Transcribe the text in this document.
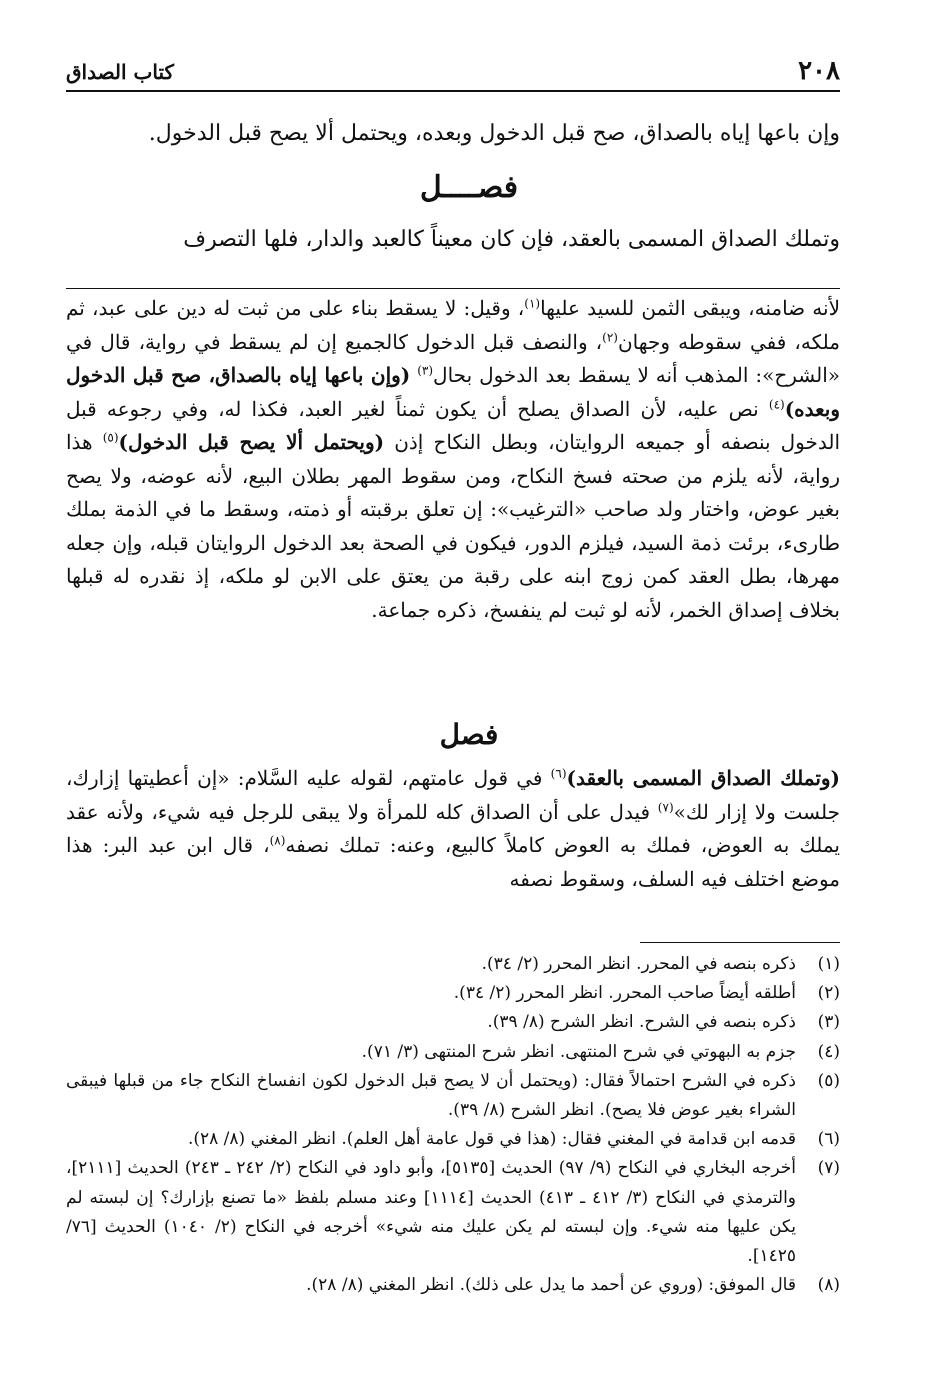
٢٠٨
كتاب الصداق
وإن باعها إياه بالصداق، صح قبل الدخول وبعده، ويحتمل ألا يصح قبل الدخول.
فصــــل
وتملك الصداق المسمى بالعقد، فإن كان معيناً كالعبد والدار، فلها التصرف
لأنه ضامنه، ويبقى الثمن للسيد عليها$^{(١)}$، وقيل: لا يسقط بناء على من ثبت له دين على عبد، ثم ملكه، ففي سقوطه وجهان$^{(٢)}$، والنصف قبل الدخول كالجميع إن لم يسقط في رواية، قال في «الشرح»: المذهب أنه لا يسقط بعد الدخول بحال$^{(٣)}$ (وإن باعها إياه بالصداق، صح قبل الدخول وبعده)$^{(٤)}$ نص عليه، لأن الصداق يصلح أن يكون ثمناً لغير العبد، فكذا له، وفي رجوعه قبل الدخول بنصفه أو جميعه الروايتان، وبطل النكاح إذن (ويحتمل ألا يصح قبل الدخول)$^{(٥)}$ هذا رواية، لأنه يلزم من صحته فسخ النكاح، ومن سقوط المهر بطلان البيع، لأنه عوضه، ولا يصح بغير عوض، واختار ولد صاحب «الترغيب»: إن تعلق برقبته أو ذمته، وسقط ما في الذمة بملك طارىء، برئت ذمة السيد، فيلزم الدور، فيكون في الصحة بعد الدخول الروايتان قبله، وإن جعله مهرها، بطل العقد كمن زوج ابنه على رقبة من يعتق على الابن لو ملكه، إذ نقدره له قبلها بخلاف إصداق الخمر، لأنه لو ثبت لم ينفسخ، ذكره جماعة.
فصل
(وتملك الصداق المسمى بالعقد)$^{(٦)}$ في قول عامتهم، لقوله عليه السَّلام: «إن أعطيتها إزارك، جلست ولا إزار لك»$^{(٧)}$ فيدل على أن الصداق كله للمرأة ولا يبقى للرجل فيه شيء، ولأنه عقد يملك به العوض، فملك به العوض كاملاً كالبيع، وعنه: تملك نصفه$^{(٨)}$، قال ابن عبد البر: هذا موضع اختلف فيه السلف، وسقوط نصفه
(١)
ذكره بنصه في المحرر. انظر المحرر (٢/ ٣٤).
(٢)
أطلقه أيضاً صاحب المحرر. انظر المحرر (٢/ ٣٤).
(٣)
ذكره بنصه في الشرح. انظر الشرح (٨/ ٣٩).
(٤)
جزم به البهوتي في شرح المنتهى. انظر شرح المنتهى (٣/ ٧١).
(٥)
ذكره في الشرح احتمالاً فقال: (ويحتمل أن لا يصح قبل الدخول لكون انفساخ النكاح جاء من قبلها فيبقى الشراء بغير عوض فلا يصح). انظر الشرح (٨/ ٣٩).
(٦)
قدمه ابن قدامة في المغني فقال: (هذا في قول عامة أهل العلم). انظر المغني (٨/ ٢٨).
(٧)
أخرجه البخاري في النكاح (٩/ ٩٧) الحديث [٥١٣٥]، وأبو داود في النكاح (٢/ ٢٤٢ ـ ٢٤٣) الحديث [٢١١١]، والترمذي في النكاح (٣/ ٤١٢ ـ ٤١٣) الحديث [١١١٤] وعند مسلم بلفظ «ما تصنع بإزارك؟ إن لبسته لم يكن عليها منه شيء. وإن لبسته لم يكن عليك منه شيء» أخرجه في النكاح (٢/ ١٠٤٠) الحديث [٧٦/ ١٤٢٥].
(٨)
قال الموفق: (وروي عن أحمد ما يدل على ذلك). انظر المغني (٨/ ٢٨).
